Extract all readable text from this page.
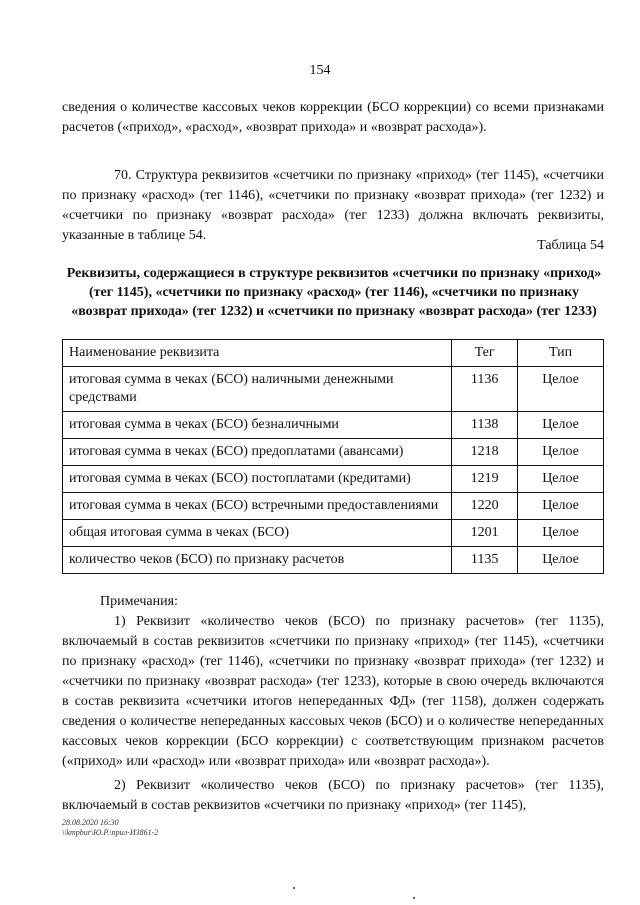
154

сведения о количестве кассовых чеков коррекции (БСО коррекции) со всеми признаками расчетов («приход», «расход», «возврат прихода» и «возврат расхода»).

70. Структура реквизитов «счетчики по признаку «приход» (тег 1145), «счетчики по признаку «расход» (тег 1146), «счетчики по признаку «возврат прихода» (тег 1232) и «счетчики по признаку «возврат расхода» (тег 1233) должна включать реквизиты, указанные в таблице 54.

Таблица 54

Реквизиты, содержащиеся в структуре реквизитов «счетчики по признаку «приход» (тег 1145), «счетчики по признаку «расход» (тег 1146), «счетчики по признаку «возврат прихода» (тег 1232) и «счетчики по признаку «возврат расхода» (тег 1233)

Наименование реквизита	Тег	Тип
итоговая сумма в чеках (БСО) наличными денежными средствами	1136	Целое
итоговая сумма в чеках (БСО) безналичными	1138	Целое
итоговая сумма в чеках (БСО) предоплатами (авансами)	1218	Целое
итоговая сумма в чеках (БСО) постоплатами (кредитами)	1219	Целое
итоговая сумма в чеках (БСО) встречными предоставлениями	1220	Целое
общая итоговая сумма в чеках (БСО)	1201	Целое
количество чеков (БСО) по признаку расчетов	1135	Целое
Примечания:

1) Реквизит «количество чеков (БСО) по признаку расчетов» (тег 1135), включаемый в состав реквизитов «счетчики по признаку «приход» (тег 1145), «счетчики по признаку «расход» (тег 1146), «счетчики по признаку «возврат прихода» (тег 1232) и «счетчики по признаку «возврат расхода» (тег 1233), которые в свою очередь включаются в состав реквизита «счетчики итогов непереданных ФД» (тег 1158), должен содержать сведения о количестве непереданных кассовых чеков (БСО) и о количестве непереданных кассовых чеков коррекции (БСО коррекции) с соответствующим признаком расчетов («приход» или «расход» или «возврат прихода» или «возврат расхода»).

2) Реквизит «количество чеков (БСО) по признаку расчетов» (тег 1135), включаемый в состав реквизитов «счетчики по признаку «приход» (тег 1145),

28.08.2020 16:30
\\kmpbur\Ю.Р.\прил-И3861-2
